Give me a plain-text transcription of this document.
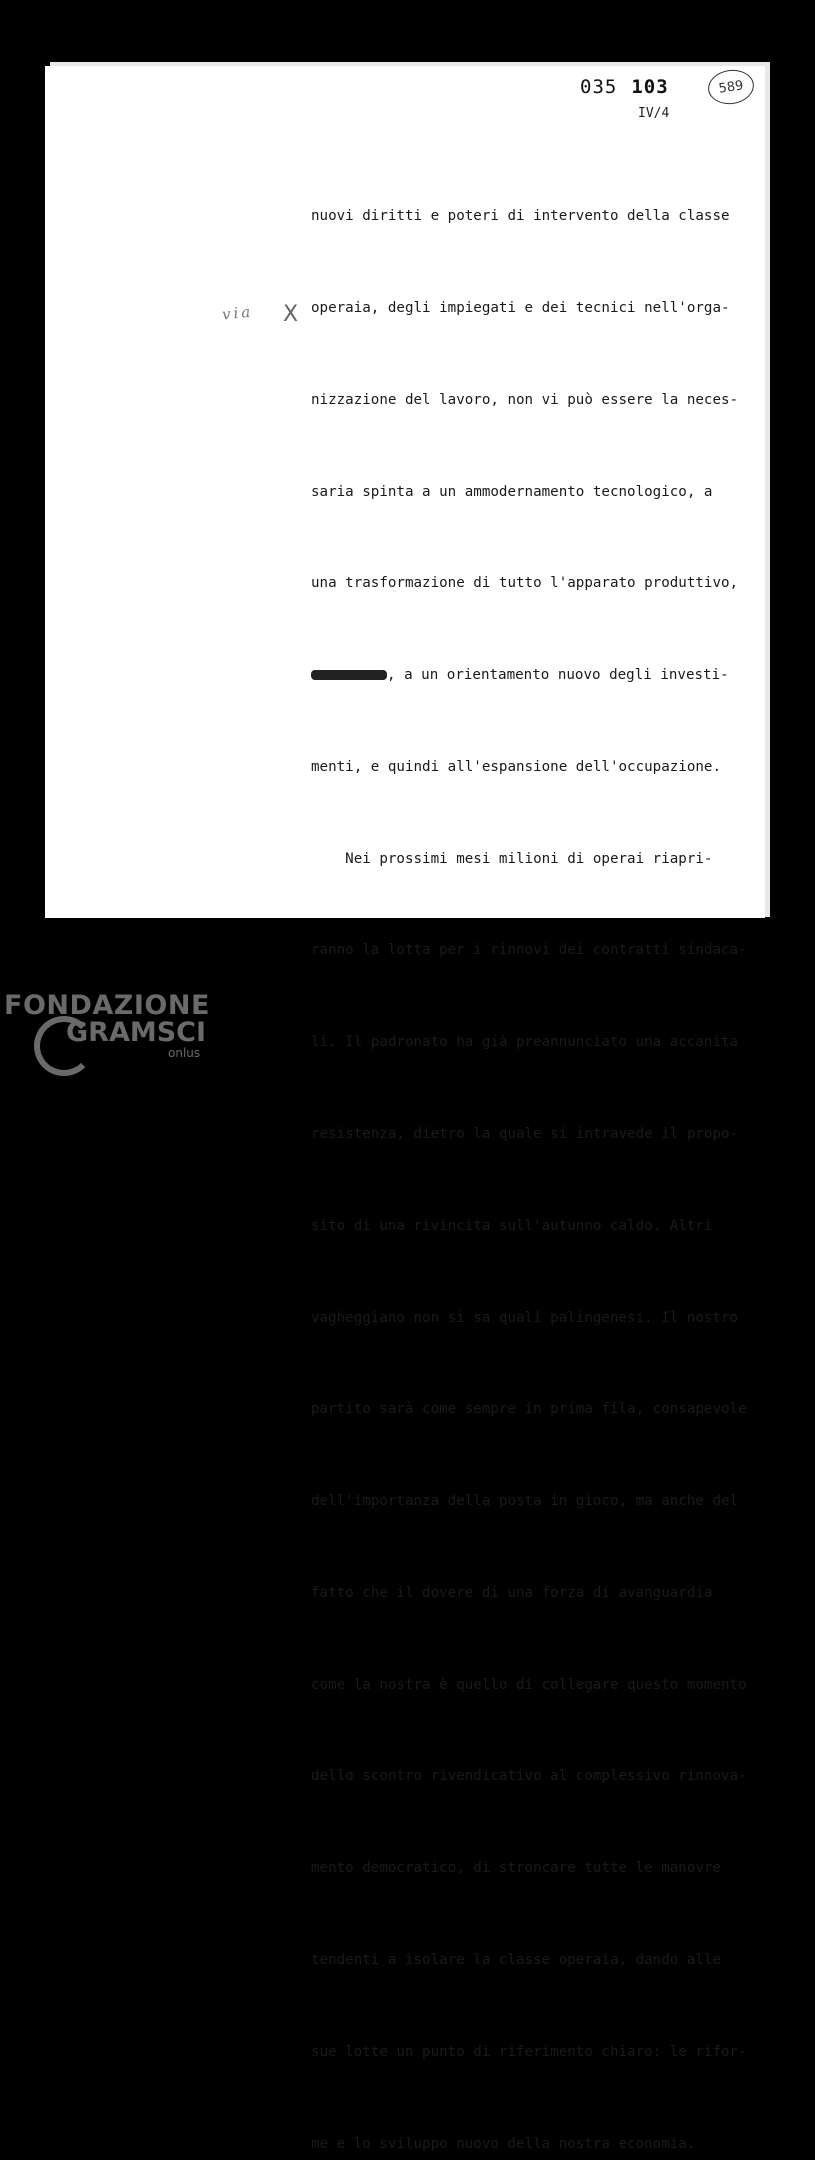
035 103	589
IV/4
via X

nuovi diritti e poteri di intervento della classe

operaia, degli impiegati e dei tecnici nell'orga-

nizzazione del lavoro, non vi può essere la neces-

saria spinta a un ammodernamento tecnologico, a

una trasformazione di tutto l'apparato produttivo,

, a un orientamento nuovo degli investi-

menti, e quindi all'espansione dell'occupazione.

Nei prossimi mesi milioni di operai riapri-

ranno la lotta per i rinnovi dei contratti sindaca-

li. Il padronato ha già preannunciato una accanita

resistenza, dietro la quale si intravede il propo-

sito di una rivincita sull'autunno caldo. Altri

vagheggiano non si sa quali palingenesi. Il nostro

partito sarà come sempre in prima fila, consapevole

dell'importanza della posta in gioco, ma anche del

fatto che il dovere di una forza di avanguardia

come la nostra è quello di collegare questo momento

dello scontro rivendicativo al complessivo rinnova-

mento democratico, di stroncare tutte le manovre

tendenti a isolare la classe operaia, dando alle

sue lotte un punto di riferimento chiaro: le rifor-

me e lo sviluppo nuovo della nostra economia.

FONDAZIONE
GRAMSCI
onlus
